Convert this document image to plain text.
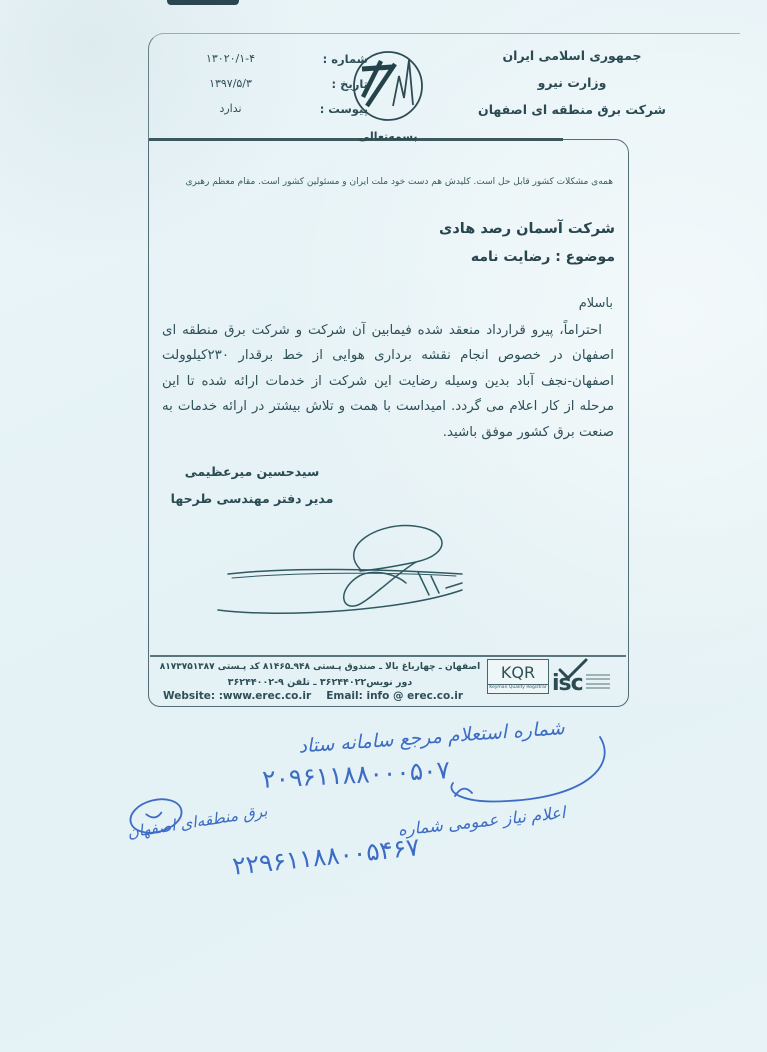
جمهوری اسلامی ایران
وزارت نیرو
شرکت برق منطقه ای اصفهان
بسمه‌تعالی
شماره :
۱۳۰۲۰/۱-۴
تاریخ :
۱۳۹۷/۵/۳
پیوست :
ندارد
همه‌ی مشکلات کشور قابل حل است. کلیدش هم دست خود ملت ایران و مسئولین کشور است. مقام معظم رهبری
شرکت آسمان رصد هادی
موضوع : رضایت نامه
باسلام
احتراماً، پیرو قرارداد منعقد شده فیمابین آن شرکت و شرکت برق منطقه ای اصفهان در خصوص انجام نقشه برداری هوایی از خط برقدار ۲۳۰کیلوولت اصفهان-نجف آباد بدین وسیله رضایت این شرکت از خدمات ارائه شده تا این مرحله از کار اعلام می گردد. امیداست با همت و تلاش بیشتر در ارائه خدمات به صنعت برق کشور موفق باشید.
سیدحسین میرعظیمی
مدیر دفتر مهندسی طرحها
اصفهان ـ چهارباغ بالا ـ صندوق پـستی ۹۴۸ـ۸۱۴۶۵ کد پـستی ۸۱۷۳۷۵۱۳۸۷
دور نویس۳۶۲۴۴۰۲۲ ـ تلفن ۹-۳۶۲۴۴۰۰۲
Website: :www.erec.co.ir Email: info @ erec.co.ir
KQR
Keyman Quality Registrar isc
شماره استعلام مرجع سامانه ستاد
۲۰۹۶۱۱۸۸۰۰۰۵۰۷
اعلام نیاز عمومی شماره
برق منطقه‌ای اصفهان
۲۲۹۶۱۱۸۸۰۰۵۴۶۷
